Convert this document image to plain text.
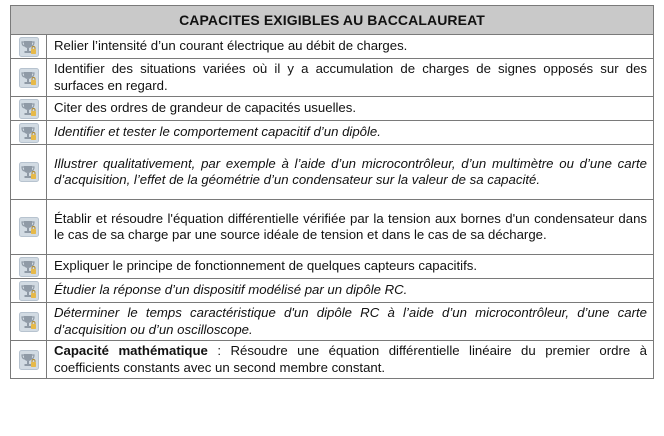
CAPACITES EXIGIBLES AU BACCALAUREAT	
	Relier l’intensité d’un courant électrique au débit de charges.
	Identifier des situations variées où il y a accumulation de charges de signes opposés sur des surfaces en regard.
	Citer des ordres de grandeur de capacités usuelles.
	Identifier et tester le comportement capacitif d’un dipôle.
	Illustrer qualitativement, par exemple à l’aide d’un microcontrôleur, d’un multimètre ou d’une carte d’acquisition, l’effet de la géométrie d’un condensateur sur la valeur de sa capacité.
	Établir et résoudre l'équation différentielle vérifiée par la tension aux bornes d'un condensateur dans le cas de sa charge par une source idéale de tension et dans le cas de sa décharge.
	Expliquer le principe de fonctionnement de quelques capteurs capacitifs.
	Étudier la réponse d’un dispositif modélisé par un dipôle RC.
	Déterminer le temps caractéristique d'un dipôle RC à l’aide d’un microcontrôleur, d’une carte d’acquisition ou d’un oscilloscope.
	Capacité mathématique : Résoudre une équation différentielle linéaire du premier ordre à coefficients constants avec un second membre constant.
